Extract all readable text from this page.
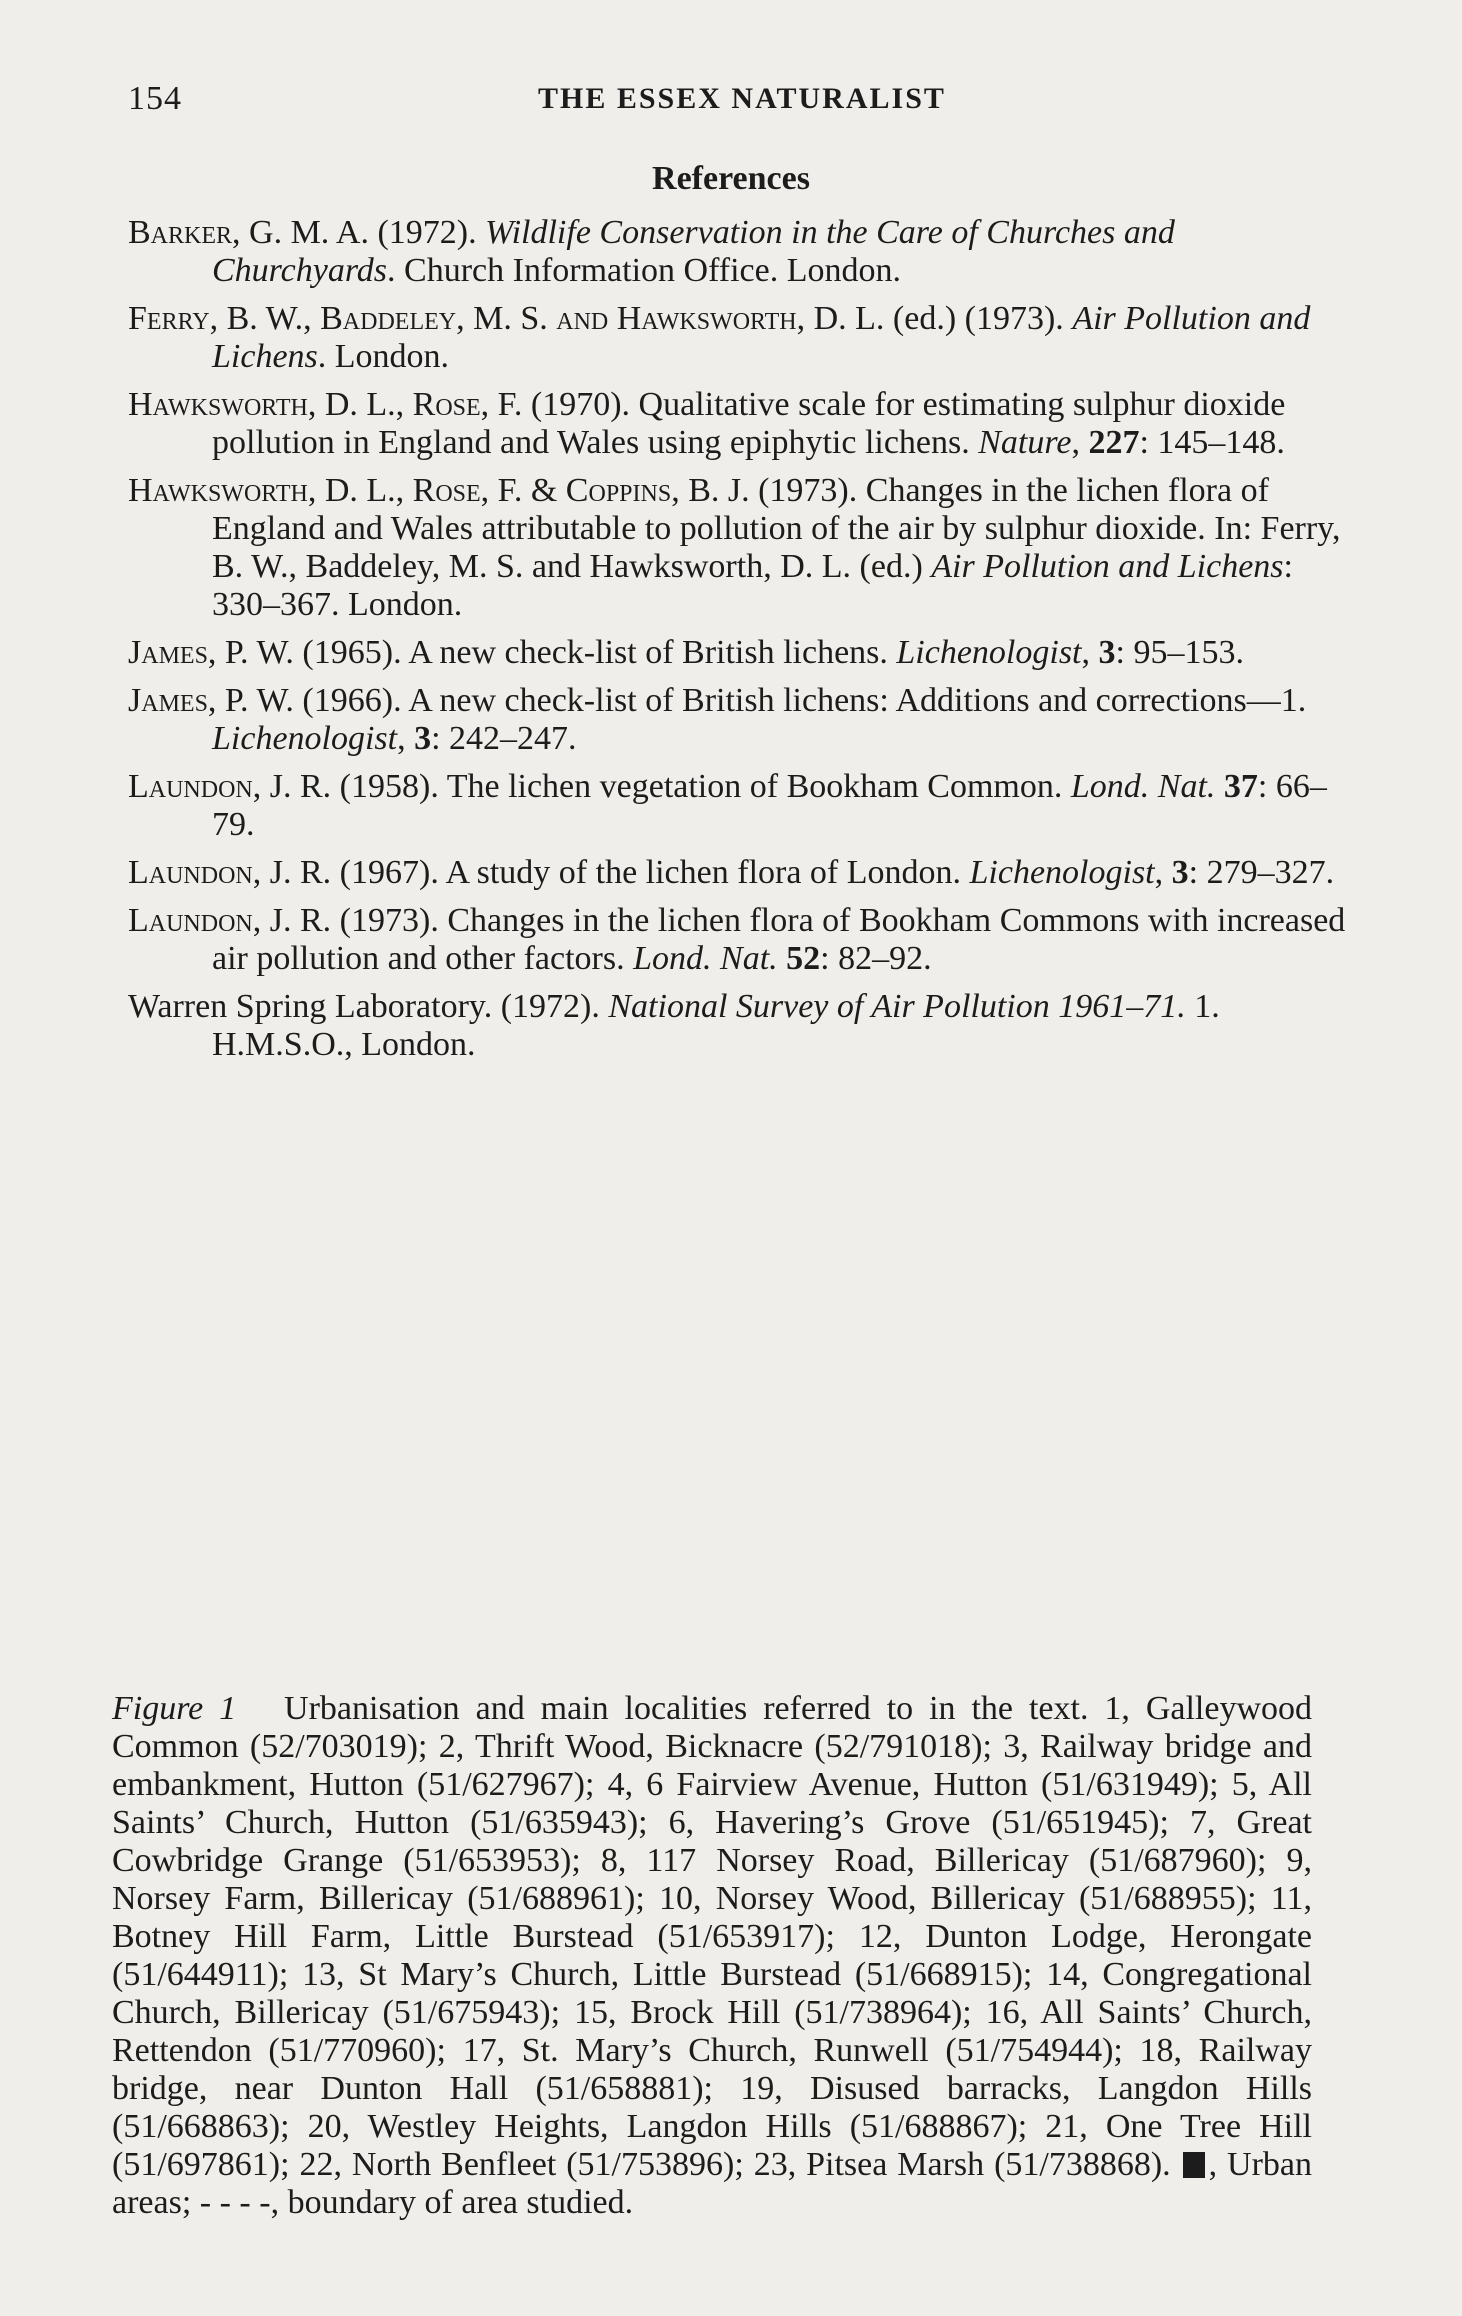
154	THE ESSEX NATURALIST
References

Barker, G. M. A. (1972). Wildlife Conservation in the Care of Churches and Churchyards. Church Information Office. London.

Ferry, B. W., Baddeley, M. S. and Hawksworth, D. L. (ed.) (1973). Air Pollution and Lichens. London.

Hawksworth, D. L., Rose, F. (1970). Qualitative scale for estimating sulphur dioxide pollution in England and Wales using epiphytic lichens. Nature, 227: 145–148.

Hawksworth, D. L., Rose, F. & Coppins, B. J. (1973). Changes in the lichen flora of England and Wales attributable to pollution of the air by sulphur dioxide. In: Ferry, B. W., Baddeley, M. S. and Hawksworth, D. L. (ed.) Air Pollution and Lichens: 330–367. London.

James, P. W. (1965). A new check-list of British lichens. Lichenologist, 3: 95–153.

James, P. W. (1966). A new check-list of British lichens: Additions and corrections—1. Lichenologist, 3: 242–247.

Laundon, J. R. (1958). The lichen vegetation of Bookham Common. Lond. Nat. 37: 66–79.

Laundon, J. R. (1967). A study of the lichen flora of London. Lichenologist, 3: 279–327.

Laundon, J. R. (1973). Changes in the lichen flora of Bookham Commons with increased air pollution and other factors. Lond. Nat. 52: 82–92.

Warren Spring Laboratory. (1972). National Survey of Air Pollution 1961–71. 1. H.M.S.O., London.

Figure 1 Urbanisation and main localities referred to in the text. 1, Galleywood Common (52/703019); 2, Thrift Wood, Bicknacre (52/791018); 3, Railway bridge and embankment, Hutton (51/627967); 4, 6 Fairview Avenue, Hutton (51/631949); 5, All Saints’ Church, Hutton (51/635943); 6, Havering’s Grove (51/651945); 7, Great Cowbridge Grange (51/653953); 8, 117 Norsey Road, Billericay (51/687960); 9, Norsey Farm, Billericay (51/688961); 10, Norsey Wood, Billericay (51/688955); 11, Botney Hill Farm, Little Burstead (51/653917); 12, Dunton Lodge, Herongate (51/644911); 13, St Mary’s Church, Little Burstead (51/668915); 14, Congregational Church, Billericay (51/675943); 15, Brock Hill (51/738964); 16, All Saints’ Church, Rettendon (51/770960); 17, St. Mary’s Church, Runwell (51/754944); 18, Railway bridge, near Dunton Hall (51/658881); 19, Disused barracks, Langdon Hills (51/668863); 20, Westley Heights, Langdon Hills (51/688867); 21, One Tree Hill (51/697861); 22, North Benfleet (51/753896); 23, Pitsea Marsh (51/738868). , Urban areas; - - - -, boundary of area studied.
